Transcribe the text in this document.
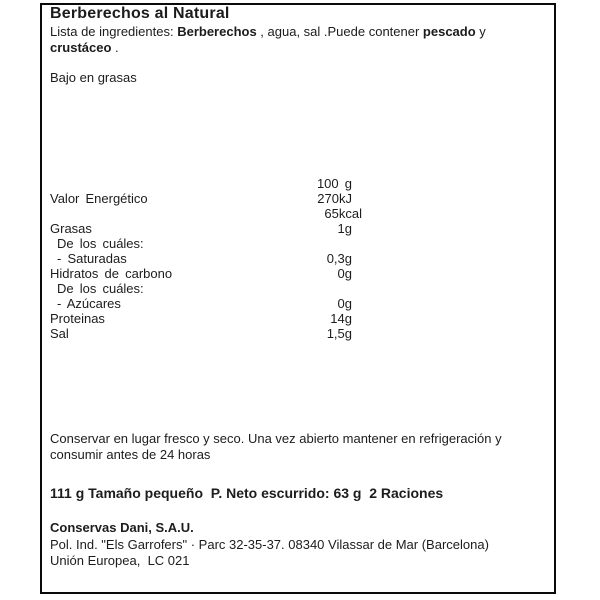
Berberechos al Natural
Lista de ingredientes: Berberechos , agua, sal .Puede contener pescado y crustáceo .
Bajo en grasas
100 g
Valor Energético	270kJ
65kcal
Grasas	1g
De los cuáles:
- Saturadas	0,3g
Hidratos de carbono	0g
De los cuáles:
- Azúcares	0g
Proteinas	14g
Sal	1,5g
Conservar en lugar fresco y seco. Una vez abierto mantener en refrigeración y consumir antes de 24 horas
111 g Tamaño pequeño  P. Neto escurrido: 63 g  2 Raciones
Conservas Dani, S.A.U.
Pol. Ind. "Els Garrofers" · Parc 32-35-37. 08340 Vilassar de Mar (Barcelona)
Unión Europea,  LC 021
